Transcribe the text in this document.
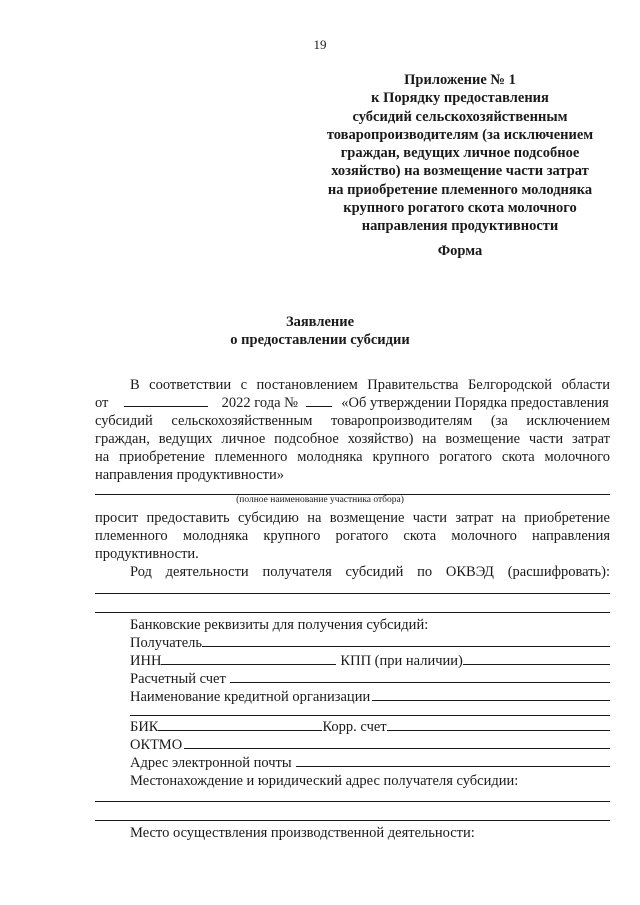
19
Приложение № 1
к Порядку предоставления
субсидий сельскохозяйственным
товаропроизводителям (за исключением
граждан, ведущих личное подсобное
хозяйство) на возмещение части затрат
на приобретение племенного молодняка
крупного рогатого скота молочного
направления продуктивности
Форма
Заявление
о предоставлении субсидии
В соответствии с постановлением Правительства Белгородской области
от	2022 года №	«Об утверждении Порядка предоставления
субсидий сельскохозяйственным товаропроизводителям (за исключением
граждан, ведущих личное подсобное хозяйство) на возмещение части затрат
на приобретение племенного молодняка крупного рогатого скота молочного
направления продуктивности»
(полное наименование участника отбора)
просит предоставить субсидию на возмещение части затрат на приобретение
племенного молодняка крупного рогатого скота молочного направления
продуктивности.
Род деятельности получателя субсидий по ОКВЭД (расшифровать):
Банковские реквизиты для получения субсидий:
Получатель
ИНН	КПП (при наличии)
Расчетный счет
Наименование кредитной организации
БИК	Корр. счет
ОКТМО
Адрес электронной почты
Местонахождение и юридический адрес получателя субсидии:
Место осуществления производственной деятельности:
